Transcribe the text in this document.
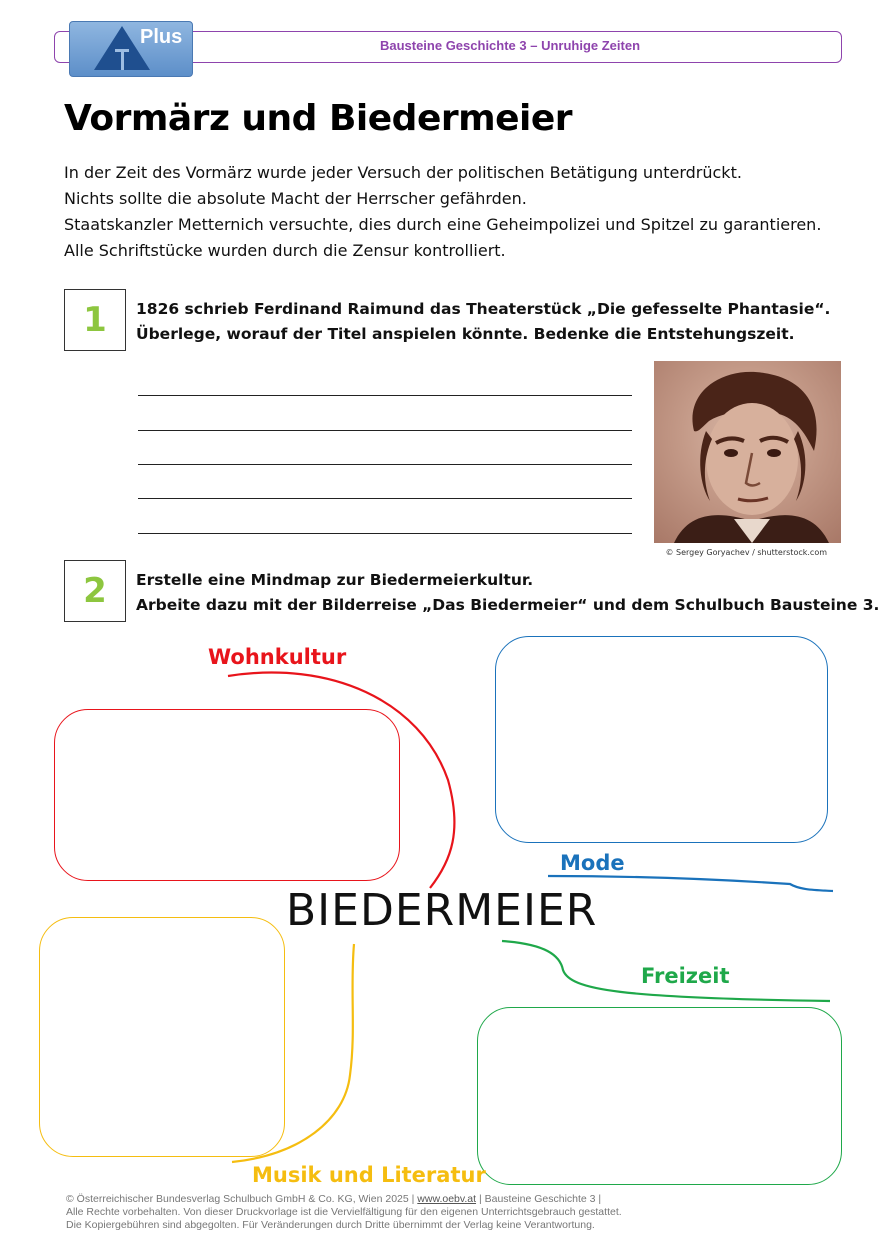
Bausteine Geschichte 3 – Unruhige Zeiten
Plus
Vormärz und Biedermeier
In der Zeit des Vormärz wurde jeder Versuch der politischen Betätigung unterdrückt.
Nichts sollte die absolute Macht der Herrscher gefährden.
Staatskanzler Metternich versuchte, dies durch eine Geheimpolizei und Spitzel zu garantieren.
Alle Schriftstücke wurden durch die Zensur kontrolliert.
1	1826 schrieb Ferdinand Raimund das Theaterstück „Die gefesselte Phantasie“.
Überlege, worauf der Titel anspielen könnte. Bedenke die Entstehungszeit.
© Sergey Goryachev / shutterstock.com
2	Erstelle eine Mindmap zur Biedermeierkultur.
Arbeite dazu mit der Bilderreise „Das Biedermeier“ und dem Schulbuch Bausteine 3.
Wohnkultur
Mode
Freizeit
Musik und Literatur
BIEDERMEIER
© Österreichischer Bundesverlag Schulbuch GmbH & Co. KG, Wien 2025 | www.oebv.at | Bausteine Geschichte 3 |
Alle Rechte vorbehalten. Von dieser Druckvorlage ist die Vervielfältigung für den eigenen Unterrichtsgebrauch gestattet.
Die Kopiergebühren sind abgegolten. Für Veränderungen durch Dritte übernimmt der Verlag keine Verantwortung.
